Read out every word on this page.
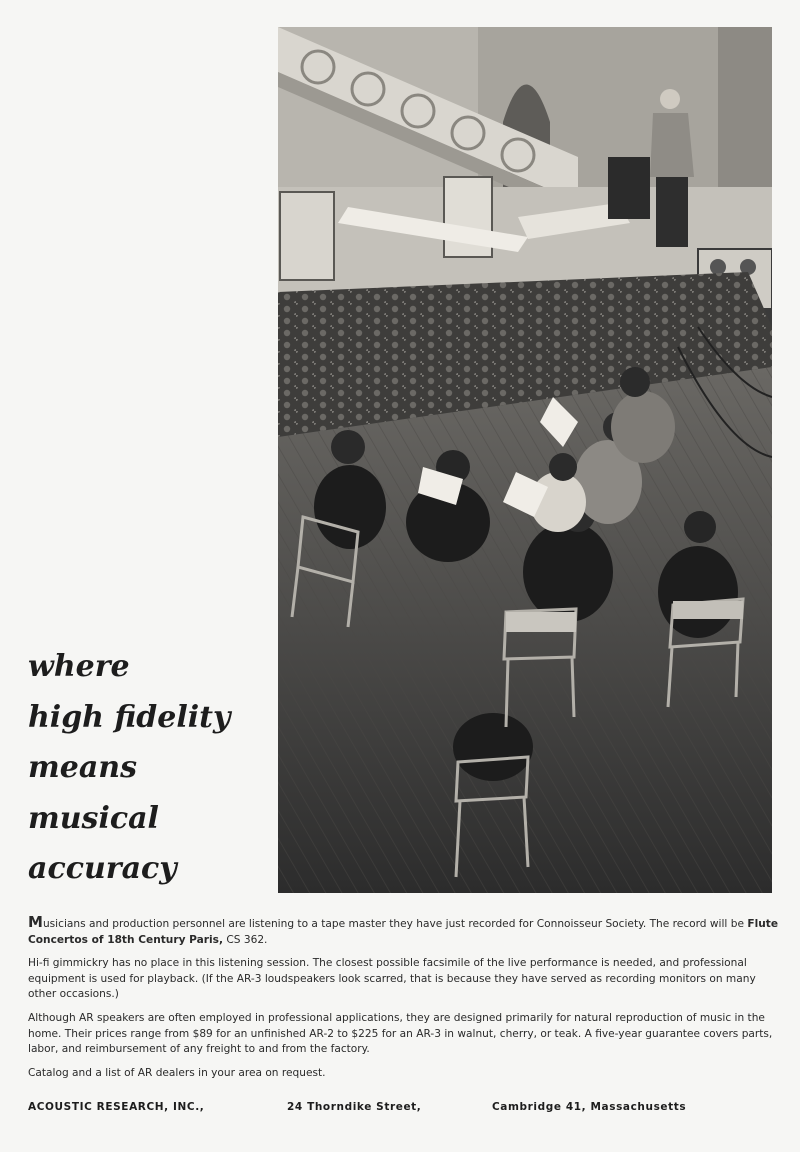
where
high fidelity
means
musical
accuracy

Musicians and production personnel are listening to a tape master they have just recorded for Connoisseur Society. The record will be Flute Concertos of 18th Century Paris, CS 362.

Hi-fi gimmickry has no place in this listening session. The closest possible facsimile of the live performance is needed, and professional equipment is used for playback. (If the AR-3 loudspeakers look scarred, that is because they have served as recording monitors on many other occasions.)

Although AR speakers are often employed in professional applications, they are designed primarily for natural reproduction of music in the home. Their prices range from $89 for an unfinished AR-2 to $225 for an AR-3 in walnut, cherry, or teak. A five-year guarantee covers parts, labor, and reimbursement of any freight to and from the factory.

Catalog and a list of AR dealers in your area on request.

ACOUSTIC RESEARCH, INC.,	24 Thorndike Street,	Cambridge 41, Massachusetts
